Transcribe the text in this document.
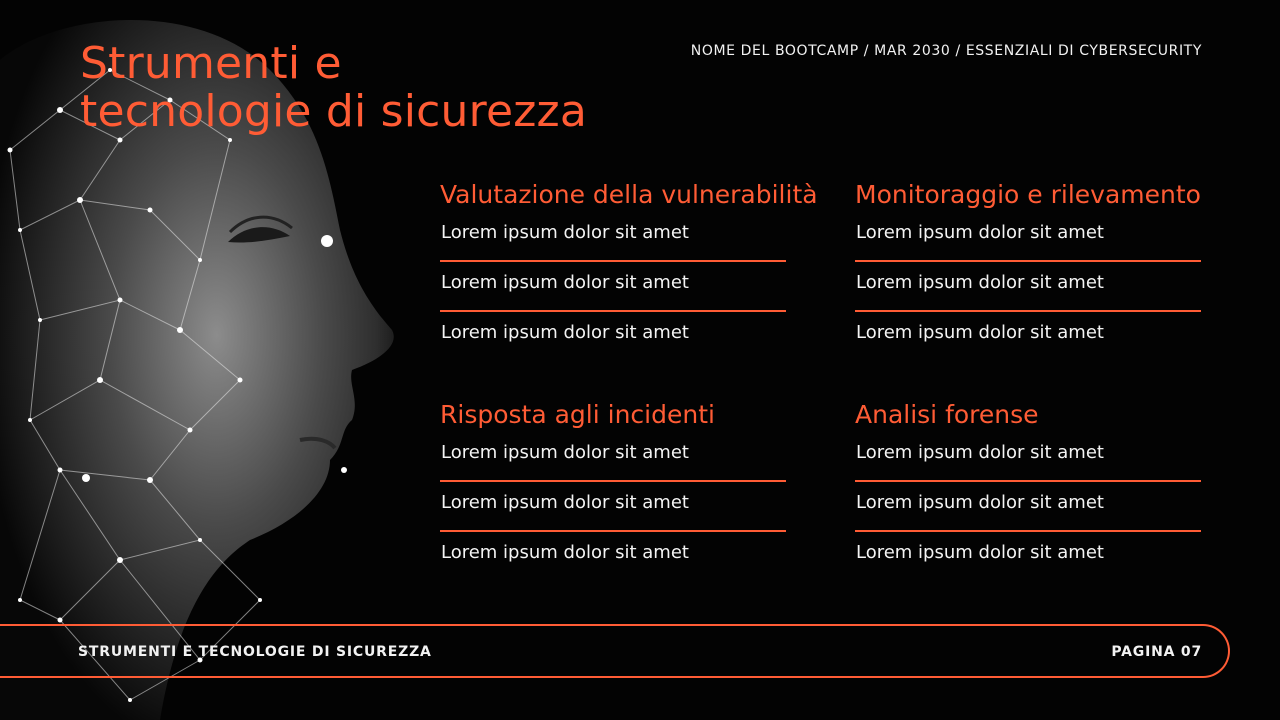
Strumenti e
tecnologie di sicurezza
NOME DEL BOOTCAMP / MAR 2030 / ESSENZIALI DI CYBERSECURITY
Valutazione della vulnerabilità
Lorem ipsum dolor sit amet
Lorem ipsum dolor sit amet
Lorem ipsum dolor sit amet
Monitoraggio e rilevamento
Lorem ipsum dolor sit amet
Lorem ipsum dolor sit amet
Lorem ipsum dolor sit amet
Risposta agli incidenti
Lorem ipsum dolor sit amet
Lorem ipsum dolor sit amet
Lorem ipsum dolor sit amet
Analisi forense
Lorem ipsum dolor sit amet
Lorem ipsum dolor sit amet
Lorem ipsum dolor sit amet
STRUMENTI E TECNOLOGIE DI SICUREZZA	PAGINA 07
